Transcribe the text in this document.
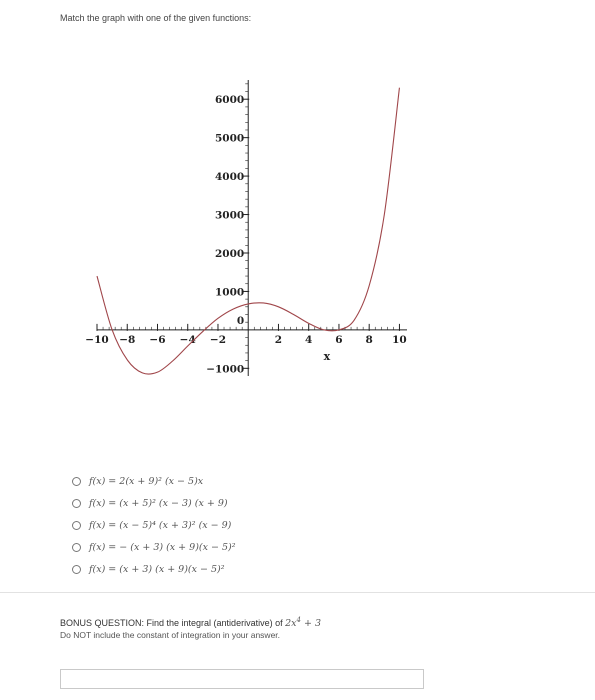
Match the graph with one of the given functions:
−10 −8 −6 −4 −2	2 4 6 8 10
−1000
1000
2000
3000
4000
5000
6000
0
x
f(x) = 2(x + 9)² (x − 5)x
f(x) = (x + 5)² (x − 3) (x + 9)
f(x) = (x − 5)⁴ (x + 3)² (x − 9)
f(x) = − (x + 3) (x + 9)(x − 5)²
f(x) = (x + 3) (x + 9)(x − 5)²
BONUS QUESTION: Find the integral (antiderivative) of $2x^4 + 3$
Do NOT include the constant of integration in your answer.
